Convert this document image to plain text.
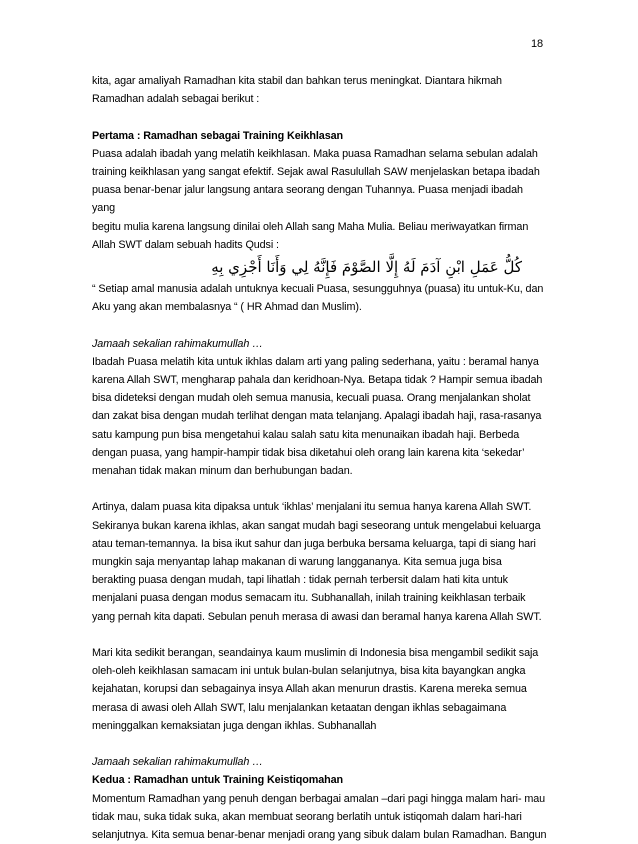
18

kita, agar amaliyah Ramadhan kita stabil dan bahkan terus meningkat. Diantara hikmah

Ramadhan adalah sebagai berikut :

Pertama : Ramadhan sebagai Training Keikhlasan

Puasa adalah ibadah yang melatih keikhlasan. Maka puasa Ramadhan selama sebulan adalah

training keikhlasan yang sangat efektif. Sejak awal Rasulullah SAW menjelaskan betapa ibadah

puasa benar-benar jalur langsung antara seorang dengan Tuhannya. Puasa menjadi ibadah yang

begitu mulia karena langsung dinilai oleh Allah sang Maha Mulia. Beliau meriwayatkan firman

Allah SWT dalam sebuah hadits Qudsi :

كُلُّ عَمَلِ ابْنِ آدَمَ لَهُ إِلَّا الصَّوْمَ فَإِنَّهُ لِي وَأَنَا أَجْزِي بِهِ

“ Setiap amal manusia adalah untuknya kecuali Puasa, sesungguhnya (puasa) itu untuk-Ku, dan

Aku yang akan membalasnya “ ( HR Ahmad dan Muslim).

Jamaah sekalian rahimakumullah …

Ibadah Puasa melatih kita untuk ikhlas dalam arti yang paling sederhana, yaitu : beramal hanya

karena Allah SWT, mengharap pahala dan keridhoan-Nya. Betapa tidak ? Hampir semua ibadah

bisa dideteksi dengan mudah oleh semua manusia, kecuali puasa. Orang menjalankan sholat

dan zakat bisa dengan mudah terlihat dengan mata telanjang. Apalagi ibadah haji, rasa-rasanya

satu kampung pun bisa mengetahui kalau salah satu kita menunaikan ibadah haji. Berbeda

dengan puasa, yang hampir-hampir tidak bisa diketahui oleh orang lain karena kita ‘sekedar’

menahan tidak makan minum dan berhubungan badan.

Artinya, dalam puasa kita dipaksa untuk ‘ikhlas’ menjalani itu semua hanya karena Allah SWT.

Sekiranya bukan karena ikhlas, akan sangat mudah bagi seseorang untuk mengelabui keluarga

atau teman-temannya. Ia bisa ikut sahur dan juga berbuka bersama keluarga, tapi di siang hari

mungkin saja menyantap lahap makanan di warung langgananya. Kita semua juga bisa

berakting puasa dengan mudah, tapi lihatlah : tidak pernah terbersit dalam hati kita untuk

menjalani puasa dengan modus semacam itu. Subhanallah, inilah training keikhlasan terbaik

yang pernah kita dapati. Sebulan penuh merasa di awasi dan beramal hanya karena Allah SWT.

Mari kita sedikit berangan, seandainya kaum muslimin di Indonesia bisa mengambil sedikit saja

oleh-oleh keikhlasan samacam ini untuk bulan-bulan selanjutnya, bisa kita bayangkan angka

kejahatan, korupsi dan sebagainya insya Allah akan menurun drastis. Karena mereka semua

merasa di awasi oleh Allah SWT, lalu menjalankan ketaatan dengan ikhlas sebagaimana

meninggalkan kemaksiatan juga dengan ikhlas. Subhanallah

Jamaah sekalian rahimakumullah …

Kedua : Ramadhan untuk Training Keistiqomahan

Momentum Ramadhan yang penuh dengan berbagai amalan –dari pagi hingga malam hari- mau

tidak mau, suka tidak suka, akan membuat seorang berlatih untuk istiqomah dalam hari-hari

selanjutnya. Kita semua benar-benar menjadi orang yang sibuk dalam bulan Ramadhan. Bangun
